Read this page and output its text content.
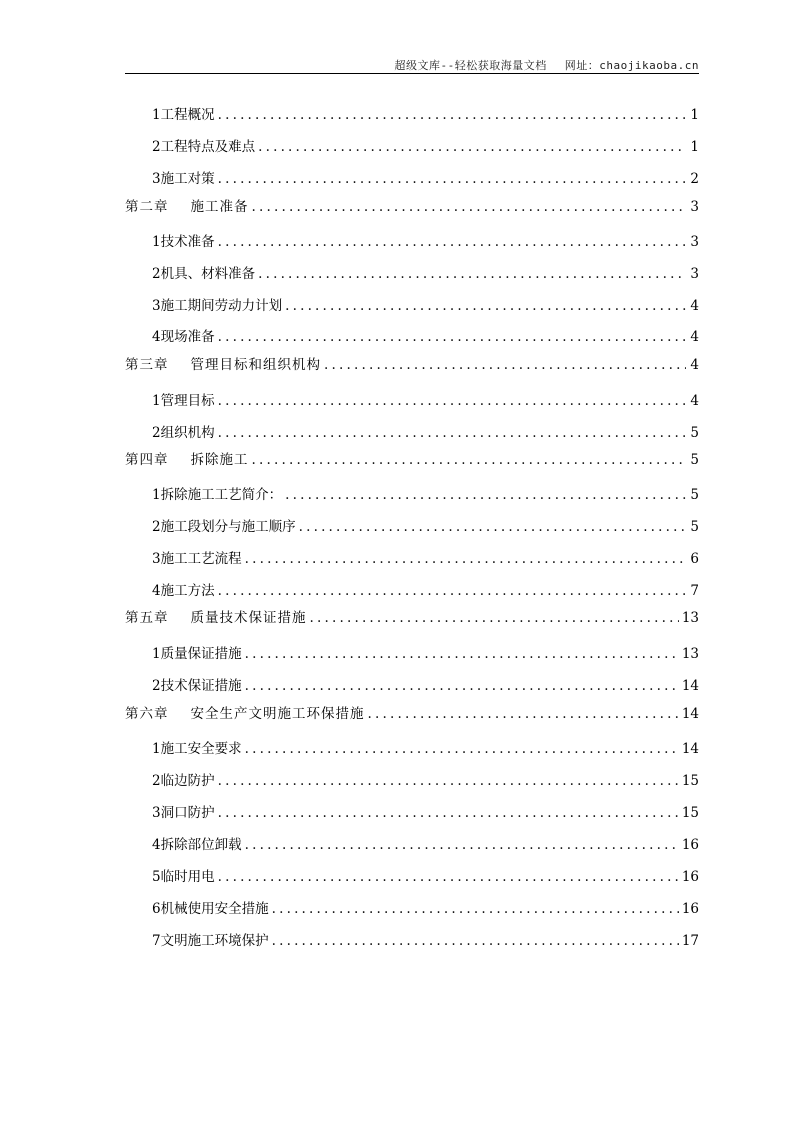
超级文库--轻松获取海量文档 网址：chaojikaoba.cn
1 工程概况 .....	1
2 工程特点及难点 .....	1
3 施工对策 .....	2
第二章 施工准备 .....	3
1 技术准备 .....	3
2 机具、材料准备 .....	3
3 施工期间劳动力计划 .....	4
4 现场准备 .....	4
第三章 管理目标和组织机构 .....	4
1 管理目标 .....	4
2 组织机构 .....	5
第四章 拆除施工 .....	5
1 拆除施工工艺简介： .....	5
2 施工段划分与施工顺序 .....	5
3 施工工艺流程 .....	6
4 施工方法 .....	7
第五章 质量技术保证措施 .....	13
1 质量保证措施 .....	13
2 技术保证措施 .....	14
第六章 安全生产文明施工环保措施 .....	14
1 施工安全要求 .....	14
2 临边防护 .....	15
3 洞口防护 .....	15
4 拆除部位卸载 .....	16
5 临时用电 .....	16
6 机械使用安全措施 .....	16
7 文明施工环境保护 .....	17
